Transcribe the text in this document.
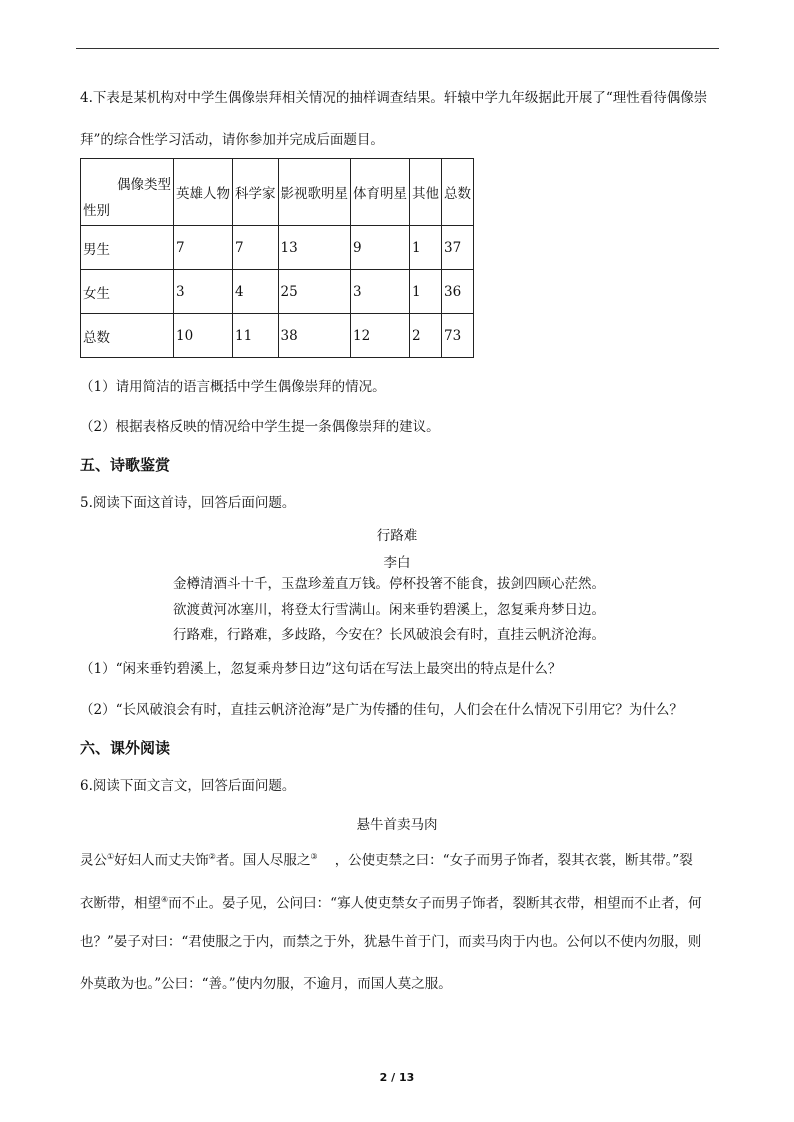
4.下表是某机构对中学生偶像崇拜相关情况的抽样调查结果。轩辕中学九年级据此开展了“理性看待偶像崇
拜”的综合性学习活动，请你参加并完成后面题目。
偶像类型
性别	英雄人物	科学家	影视歌明星	体育明星	其他	总数
男生	7	7	13	9	1	37
女生	3	4	25	3	1	36
总数	10	11	38	12	2	73
（1）请用简洁的语言概括中学生偶像崇拜的情况。
（2）根据表格反映的情况给中学生提一条偶像崇拜的建议。
五、诗歌鉴赏
5.阅读下面这首诗，回答后面问题。
行路难
李白
金樽清酒斗十千，玉盘珍羞直万钱。停杯投箸不能食，拔剑四顾心茫然。
欲渡黄河冰塞川，将登太行雪满山。闲来垂钓碧溪上，忽复乘舟梦日边。
行路难，行路难，多歧路，今安在？长风破浪会有时，直挂云帆济沧海。
（1）“闲来垂钓碧溪上，忽复乘舟梦日边”这句话在写法上最突出的特点是什么？
（2）“长风破浪会有时，直挂云帆济沧海”是广为传播的佳句，人们会在什么情况下引用它？为什么？
六、课外阅读
6.阅读下面文言文，回答后面问题。
悬牛首卖马肉
灵公①好妇人而丈夫饰②者。国人尽服之③ ，公使吏禁之曰：“女子而男子饰者，裂其衣裳，断其带。”裂
衣断带，相望④而不止。晏子见，公问曰：“寡人使吏禁女子而男子饰者，裂断其衣带，相望而不止者，何
也？”晏子对曰：“君使服之于内，而禁之于外，犹悬牛首于门，而卖马肉于内也。公何以不使内勿服，则
外莫敢为也。”公曰：“善。”使内勿服，不逾月，而国人莫之服。
2 / 13
